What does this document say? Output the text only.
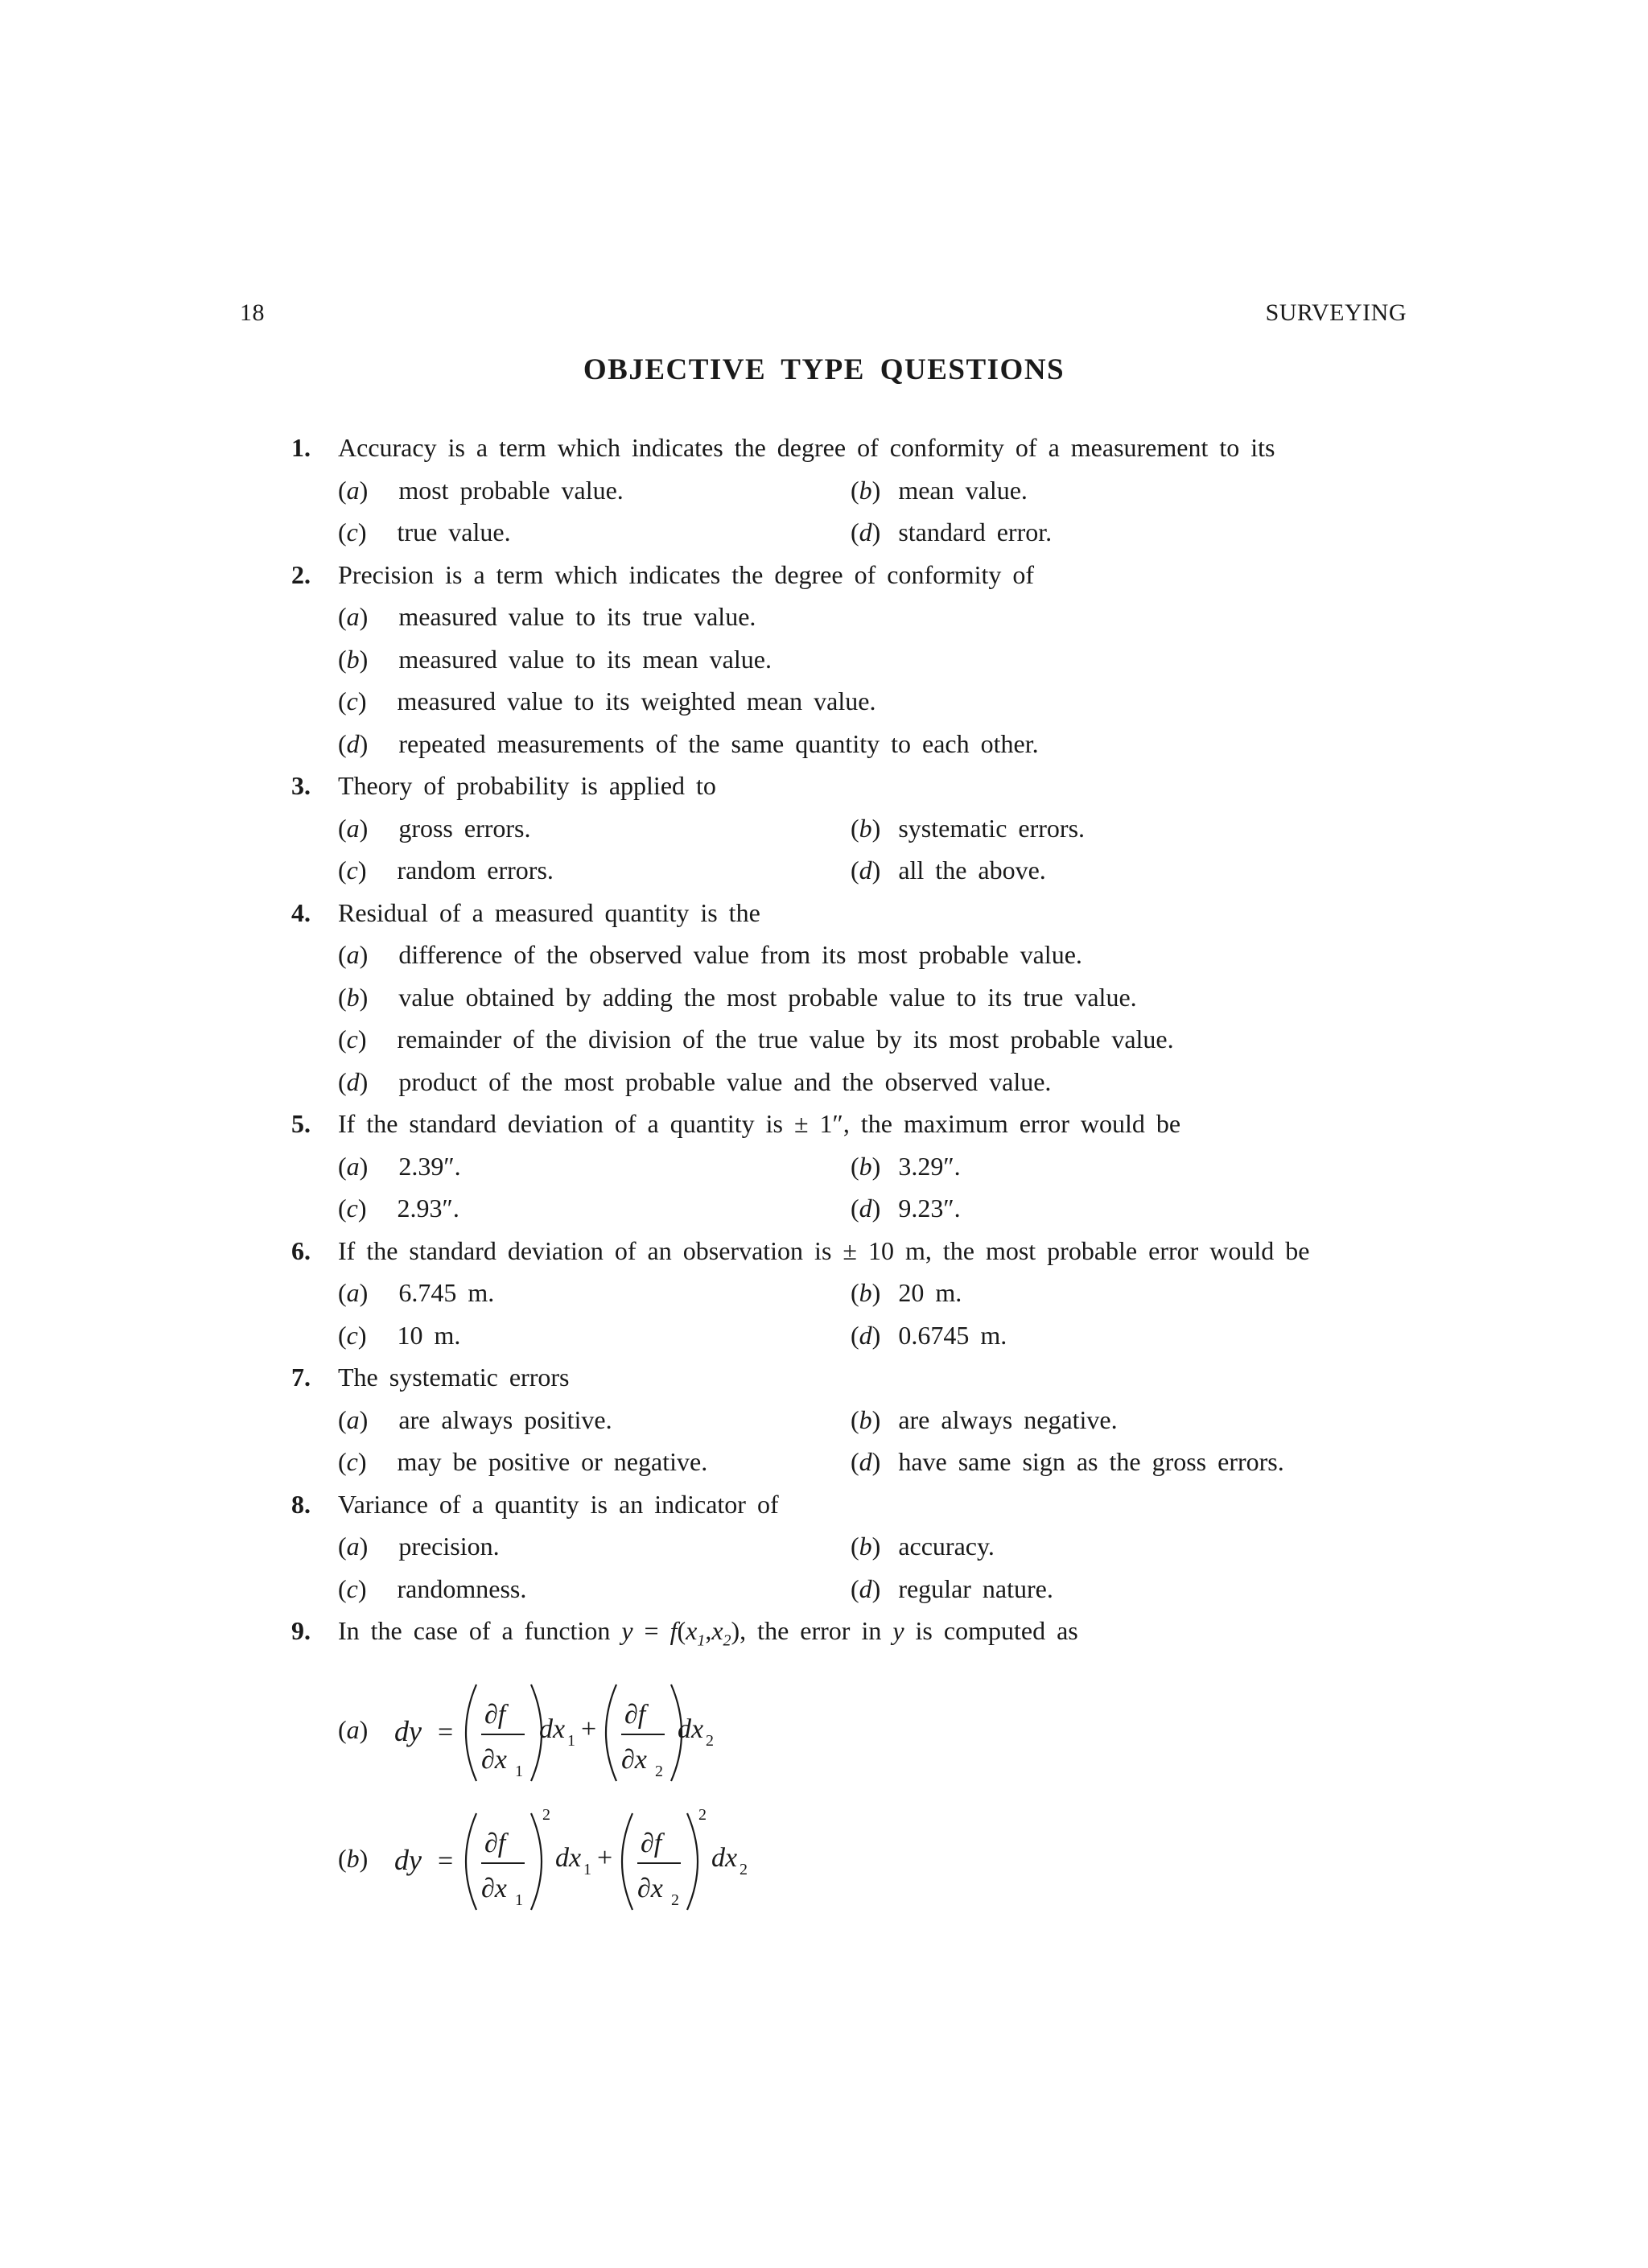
18	SURVEYING
OBJECTIVE TYPE QUESTIONS
1. Accuracy is a term which indicates the degree of conformity of a measurement to its
(a) most probable value.	(b) mean value.
(c) true value.	(d) standard error.
2. Precision is a term which indicates the degree of conformity of
(a) measured value to its true value.
(b) measured value to its mean value.
(c) measured value to its weighted mean value.
(d) repeated measurements of the same quantity to each other.
3. Theory of probability is applied to
(a) gross errors.	(b) systematic errors.
(c) random errors.	(d) all the above.
4. Residual of a measured quantity is the
(a) difference of the observed value from its most probable value.
(b) value obtained by adding the most probable value to its true value.
(c) remainder of the division of the true value by its most probable value.
(d) product of the most probable value and the observed value.
5. If the standard deviation of a quantity is ± 1″, the maximum error would be
(a) 2.39″.	(b) 3.29″.
(c) 2.93″.	(d) 9.23″.
6. If the standard deviation of an observation is ± 10 m, the most probable error would be
(a) 6.745 m.	(b) 20 m.
(c) 10 m.	(d) 0.6745 m.
7. The systematic errors
(a) are always positive.	(b) are always negative.
(c) may be positive or negative.	(d) have same sign as the gross errors.
8. Variance of a quantity is an indicator of
(a) precision.	(b) accuracy.
(c) randomness.	(d) regular nature.
9. In the case of a function $y = f(x_1,x_2)$, the error in y is computed as
(a) dy =
∂f
∂x 1
dx 1 + ∂f
∂x 2
dx 2
(b) dy =
∂f
∂x 1
2
dx 1 + ∂f
∂x 2
2
dx 2
